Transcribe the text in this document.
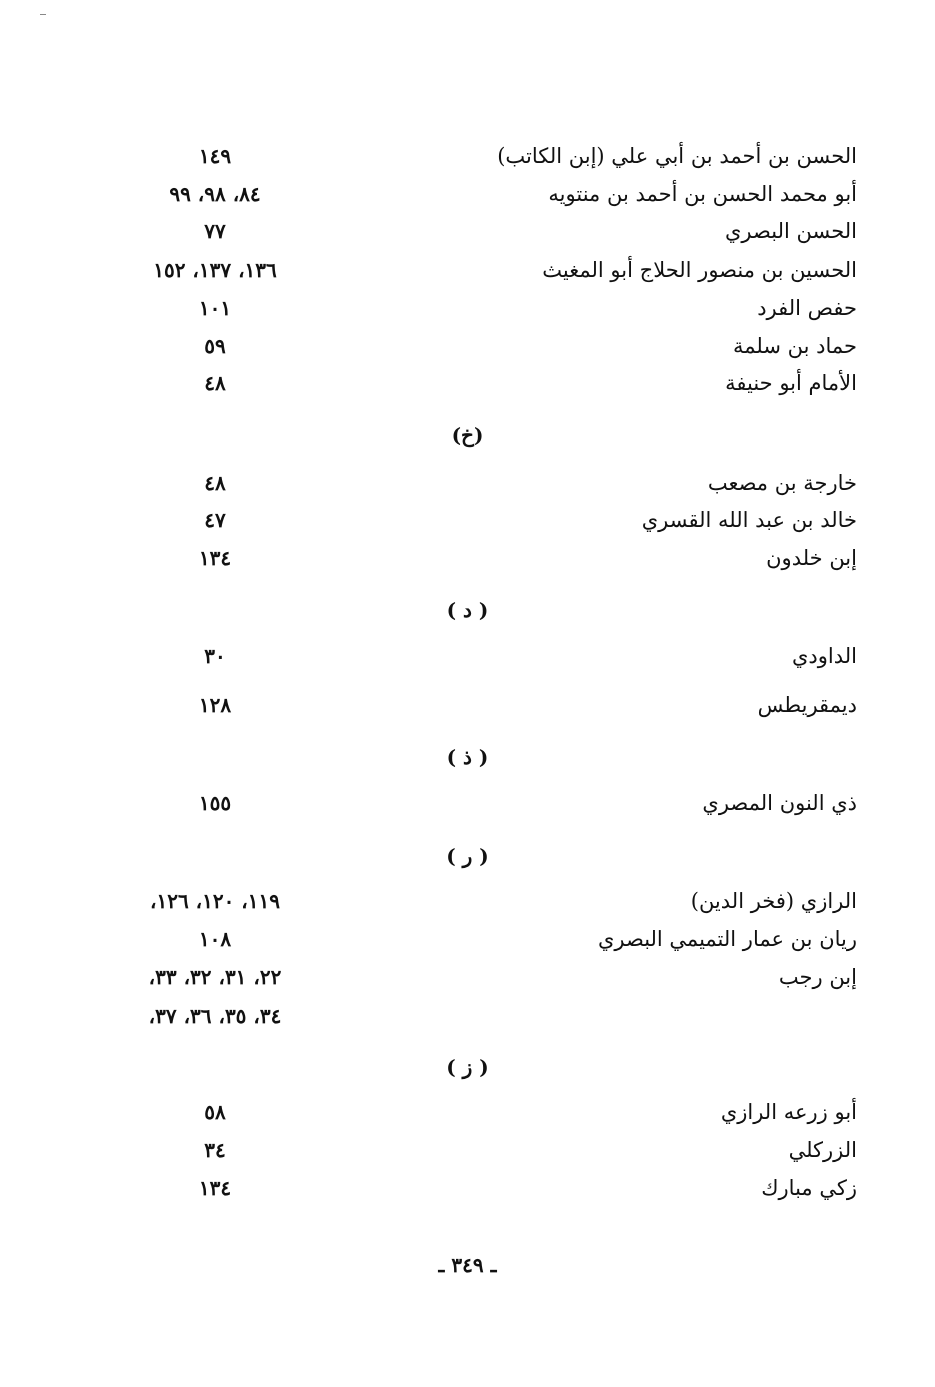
الحسن بن أحمد بن أبي علي (إبن الكاتب)
١٤٩
أبو محمد الحسن بن أحمد بن منتويه
٨٤، ٩٨، ٩٩
الحسن البصري
٧٧
الحسين بن منصور الحلاج أبو المغيث
١٣٦، ١٣٧، ١٥٢
حفص الفرد
١٠١
حماد بن سلمة
٥٩
الأمام أبو حنيفة
٤٨
(خ)
خارجة بن مصعب
٤٨
خالد بن عبد الله القسري
٤٧
إبن خلدون
١٣٤
( د )
الداودي
٣٠
ديمقريطس
١٢٨
( ذ )
ذي النون المصري
١٥٥
( ر )
الرازي (فخر الدين)
١١٩، ١٢٠، ١٢٦،
ريان بن عمار التميمي البصري
١٠٨
إبن رجب
٢٢، ٣١، ٣٢، ٣٣،
٣٤، ٣٥، ٣٦، ٣٧،
( ز )
أبو زرعه الرازي
٥٨
الزركلي
٣٤
زكي مبارك
١٣٤
ـ ٣٤٩ ـ
